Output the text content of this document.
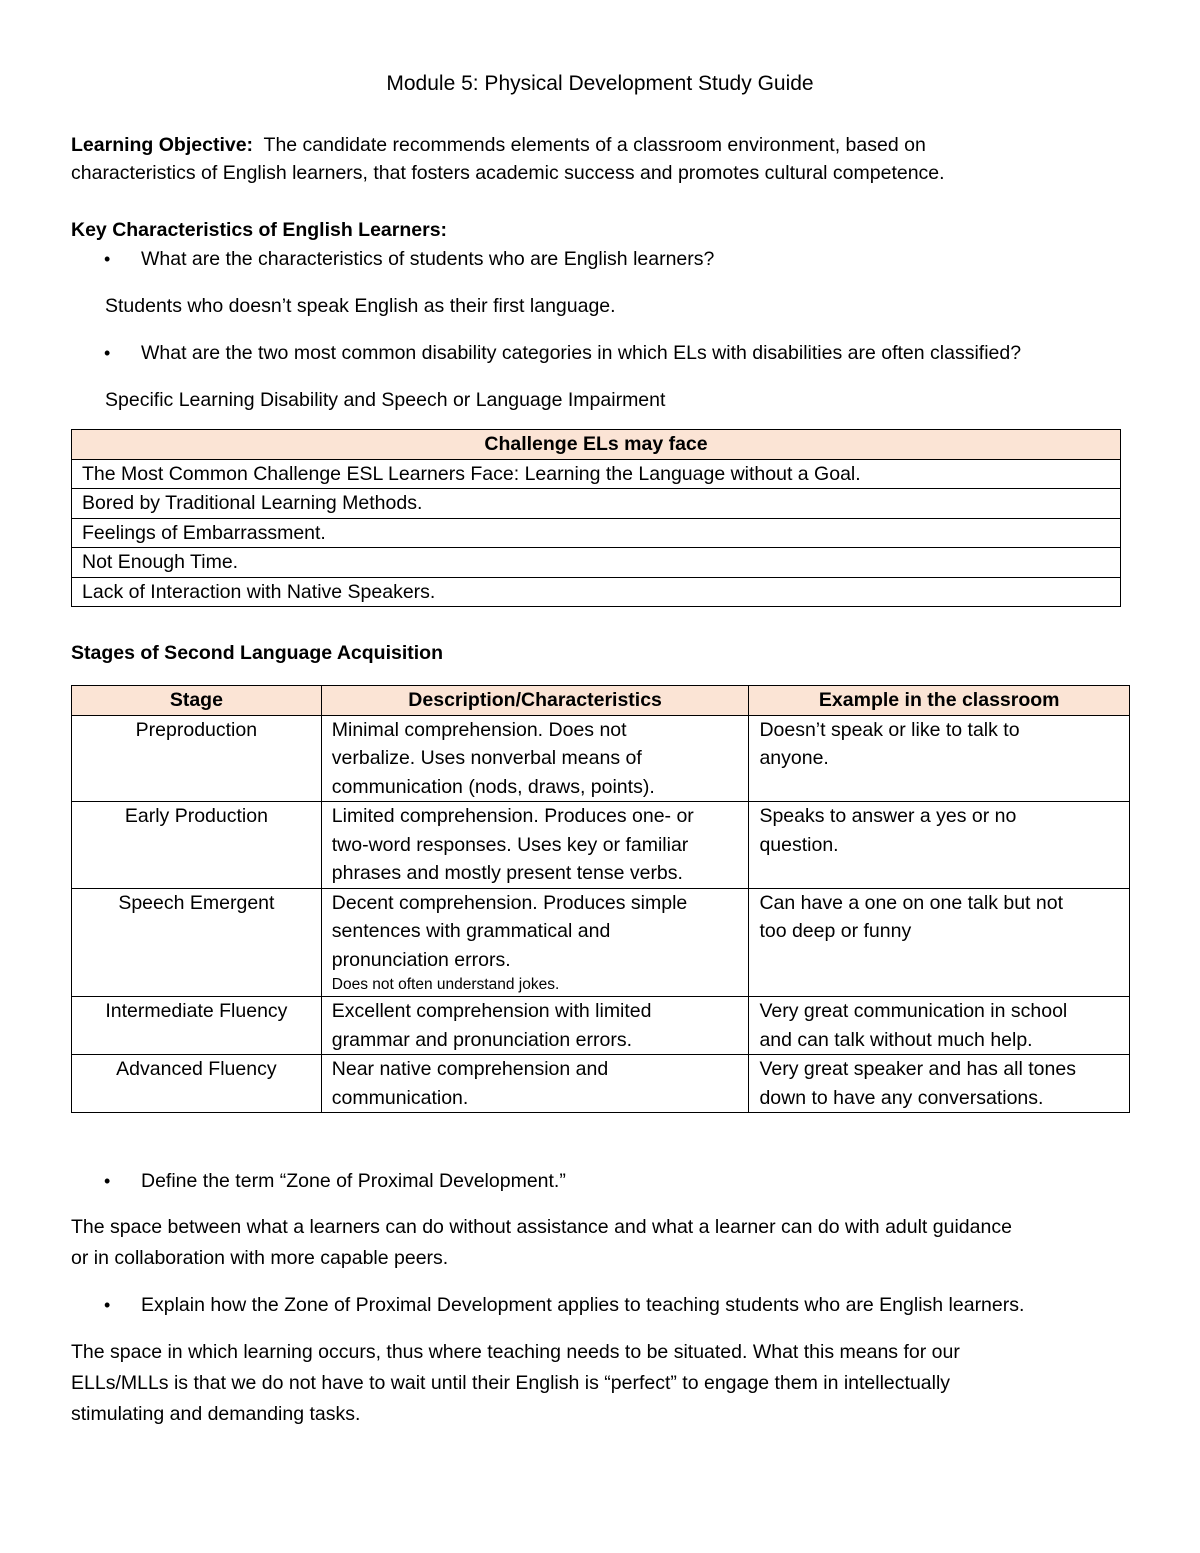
Module 5: Physical Development Study Guide

Learning Objective: The candidate recommends elements of a classroom environment, based on
characteristics of English learners, that fosters academic success and promotes cultural competence.

Key Characteristics of English Learners:

• What are the characteristics of students who are English learners?

Students who doesn’t speak English as their first language.

• What are the two most common disability categories in which ELs with disabilities are often classified?

Specific Learning Disability and Speech or Language Impairment

Challenge ELs may face
The Most Common Challenge ESL Learners Face: Learning the Language without a Goal.
Bored by Traditional Learning Methods.
Feelings of Embarrassment.
Not Enough Time.
Lack of Interaction with Native Speakers.

Stages of Second Language Acquisition

Stage	Description/Characteristics	Example in the classroom
Preproduction	Minimal comprehension. Does not
verbalize. Uses nonverbal means of
communication (nods, draws, points).	Doesn’t speak or like to talk to
anyone.
Early Production	Limited comprehension. Produces one- or
two-word responses. Uses key or familiar
phrases and mostly present tense verbs.	Speaks to answer a yes or no
question.
Speech Emergent	Decent comprehension. Produces simple
sentences with grammatical and
pronunciation errors.
Does not often understand jokes.	Can have a one on one talk but not
too deep or funny
Intermediate Fluency	Excellent comprehension with limited
grammar and pronunciation errors.	Very great communication in school
and can talk without much help.
Advanced Fluency	Near native comprehension and
communication.	Very great speaker and has all tones
down to have any conversations.
• Define the term “Zone of Proximal Development.”

The space between what a learners can do without assistance and what a learner can do with adult guidance
or in collaboration with more capable peers.

• Explain how the Zone of Proximal Development applies to teaching students who are English learners.

The space in which learning occurs, thus where teaching needs to be situated. What this means for our
ELLs/MLLs is that we do not have to wait until their English is “perfect” to engage them in intellectually
stimulating and demanding tasks.
